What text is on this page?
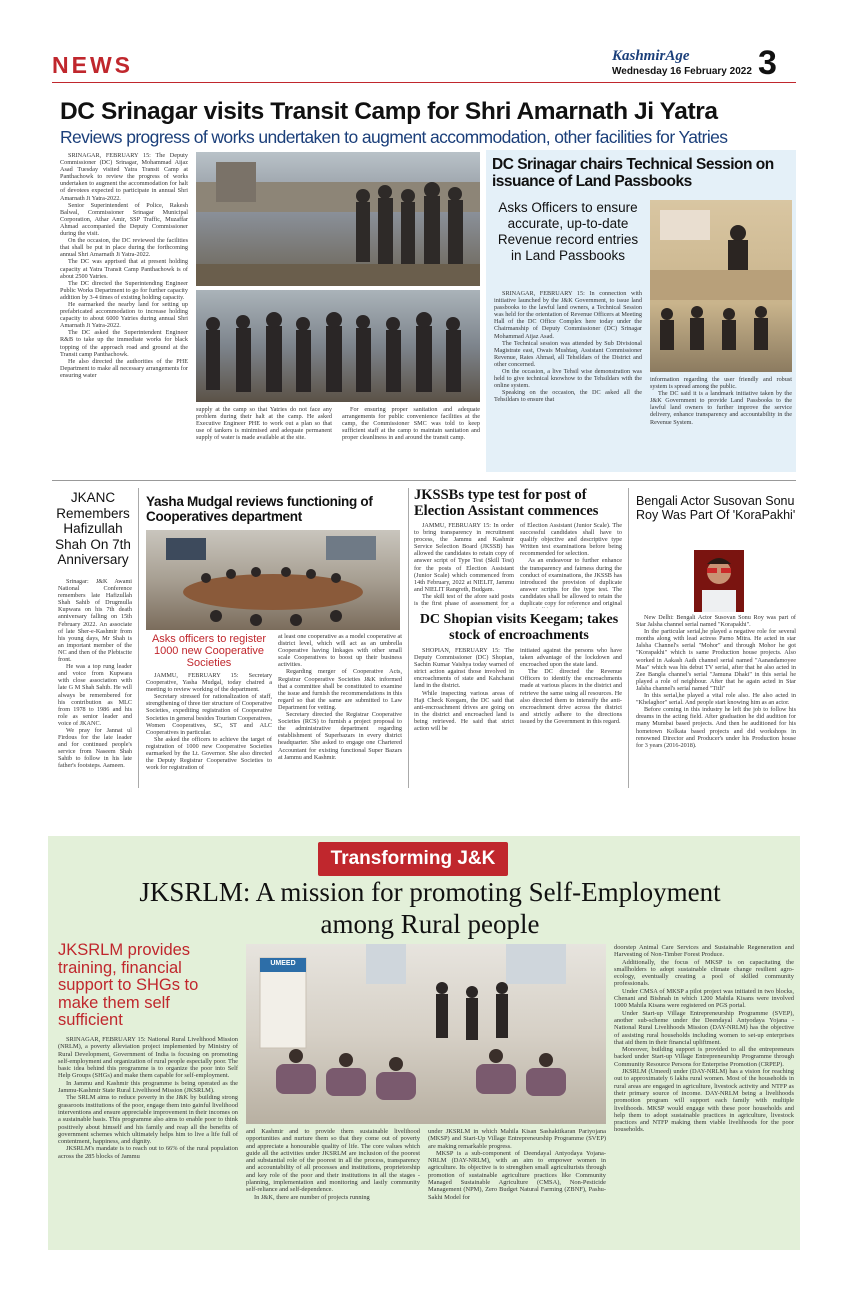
NEWS	KashmirAge
Wednesday 16 February 2022 3
DC Srinagar visits Transit Camp for Shri Amarnath Ji Yatra
Reviews progress of works undertaken to augment accommodation, other facilities for Yatries

SRINAGAR, FEBRUARY 15: The Deputy Commissioner (DC) Srinagar, Mohammad Aijaz Asad Tuesday visited Yatra Transit Camp at Panthachowk to review the progress of works undertaken to augment the accommodation for halt of devotees expected to participate in annual Shri Amarnath Ji Yatra-2022.

Senior Superintendent of Police, Rakesh Balwal, Commissioner Srinagar Municipal Corporation, Athar Amir, SSP Traffic, Muzaffar Ahmad accompanied the Deputy Commissioner during the visit.

On the occasion, the DC reviewed the facilities that shall be put in place during the forthcoming annual Shri Amarnath Ji Yatra-2022.

The DC was apprised that at present holding capacity at Yatra Transit Camp Panthachowk is of about 2500 Yatries.

The DC directed the Superintending Engineer Public Works Department to go for further capacity addition by 3-4 times of existing holding capacity.

He earmarked the nearby land for setting up prefabricated accommodation to increase holding capacity to about 6000 Yatries during annual Shri Amarnath Ji Yatra-2022.

The DC asked the Superintendent Engineer R&B to take up the immediate works for black topping of the approach road and ground at the Transit camp Panthachowk.

He also directed the authorities of the PHE Department to make all necessary arrangements for ensuring water

supply at the camp so that Yatries do not face any problem during their halt at the camp. He asked Executive Engineer PHE to work out a plan so that use of tankers is minimised and adequate permanent supply of water is made available at the site.

For ensuring proper sanitation and adequate arrangements for public convenience facilities at the camp, the Commissioner SMC was told to keep sufficient staff at the camp to maintain sanitation and proper cleanliness in and around the transit camp.

DC Srinagar chairs Technical Session on issuance of Land Passbooks
Asks Officers to ensure accurate, up-to-date Revenue record entries in Land Passbooks

SRINAGAR, FEBRUARY 15: In connection with initiative launched by the J&K Government, to issue land passbooks to the lawful land owners, a Technical Session was held for the orientation of Revenue Officers at Meeting Hall of the DC Office Complex here today under the Chairmanship of Deputy Commissioner (DC) Srinagar Mohammad Aijaz Asad.

The Technical session was attended by Sub Divisional Magistrate east, Owais Mushtaq, Assistant Commissioner Revenue, Raies Ahmad, all Tehsildars of the District and other concerned.

On the occasion, a live Tehsil wise demonstration was held to give technical knowhow to the Tehsildars with the online system.

Speaking on the occasion, the DC asked all the Tehsildars to ensure that

information regarding the user friendly and robust system is spread among the public.

The DC said it is a landmark initiative taken by the J&K Government to provide Land Passbooks to the lawful land owners to further improve the service delivery, enhance transparency and accountability in the Revenue System.

JKANC Remembers Hafizullah Shah On 7th Anniversary

Srinagar: J&K Awami National Conference remembers late Hafizullah Shah Sahib of Drugmulla Kupwara on his 7th death anniversary falling on 15th February 2022. An associate of late Sher-e-Kashmir from his young days, Mr Shah is an important member of the NC and then of the Plebiscite front.

He was a top rung leader and voice from Kupwara with close association with late G M Shah Sahib. He will always be remembered for his contribution as MLC from 1978 to 1986 and his role as senior leader and voice of JKANC.

We pray for Jannat ul Firdous for the late leader and for continued people's service from Naseem Shah Sahib to follow in his late father's footsteps. Aameen.

Yasha Mudgal reviews functioning of Cooperatives department
Asks officers to register 1000 new Cooperative Societies

JAMMU, FEBRUARY 15: Secretary Cooperative, Yasha Mudgal, today chaired a meeting to review working of the department.

Secretary stressed for rationalization of staff, strengthening of three tier structure of Cooperative Societies, expediting registration of Cooperative Societies in general besides Tourism Cooperatives, Women Cooperatives, SC, ST and ALC Cooperatives in particular.

She asked the officers to achieve the target of registration of 1000 new Cooperative Societies earmarked by the Lt. Governor. She also directed the Deputy Registrar Cooperative Societies to work for registration of

at least one cooperative as a model cooperative at district level, which will act as an umbrella Cooperative having linkages with other small scale Cooperatives to boost up their business activities.

Regarding merger of Cooperative Acts, Registrar Cooperative Societies J&K informed that a committee shall be constituted to examine the issue and furnish the recommendations in this regard so that the same are submitted to Law Department for vetting.

Secretary directed the Registrar Cooperative Societies (RCS) to furnish a project proposal to the administrative department regarding establishment of Superbazars in every district headquarter. She asked to engage one Chartered Accountant for existing functional Super Bazars at Jammu and Kashmir.

JKSSBs type test for post of Election Assistant commences

JAMMU, FEBRUARY 15: In order to bring transparency in recruitment process, the Jammu and Kashmir Service Selection Board (JKSSB) has allowed the candidates to retain copy of answer script of Type Test (Skill Test) for the posts of Election Assistant (Junior Scale) which commenced from 14th February, 2022 at NIELIT, Jammu and NIELIT Rangreth, Budgam.

The skill test of the afore said posts is the first phase of assessment for a

of Election Assistant (Junior Scale). The successful candidates shall have to qualify objective and descriptive type Written test examinations before being recommended for selection.

As an endeavour to further enhance the transparency and fairness during the conduct of examinations, the JKSSB has introduced the provision of duplicate answer scripts for the type test. The candidates shall be allowed to retain the duplicate copy for reference and original

DC Shopian visits Keegam; takes stock of encroachments

SHOPIAN, FEBRUARY 15: The Deputy Commissioner (DC) Shopian, Sachin Kumar Vaishya today warned of strict action against those involved in encroachments of state and Kahcharai land in the district.

While inspecting various areas of Haji Check Keegam, the DC said that anti-encroachment drives are going on in the district and encroached land is being retrieved. He said that strict action will be

initiated against the persons who have taken advantage of the lockdown and encroached upon the state land.

The DC directed the Revenue Officers to identify the encroachments made at various places in the district and retrieve the same using all resources. He also directed them to intensify the anti-encroachment drive across the district and strictly adhere to the directions issued by the Government in this regard.

Bengali Actor Susovan Sonu Roy Was Part Of 'KoraPakhi'

New Delhi: Bengali Actor Susovan Sonu Roy was part of Star Jalsha channel serial named "Korapakhi".

In the particular serial,he played a negative role for several months along with lead actress Parno Mitra. He acted in star Jalsha Channel's serial "Mohor" and through Mohor he got "Korapakhi" which is same Production house projects. Also worked in Aakash Aath channel serial named "Aanandamoyee Maa" which was his debut TV serial, after that he also acted in Zee Bangla channel's serial "Jamuna Dhaki" in this serial he played a role of neighbour. After that he again acted in Star Jalsha channel's serial named "Titli"

In this serial,he played a vital role also. He also acted in "Khelaghor" serial. And people start knowing him as an actor.

Before coming in this industry he left the job to follow his dreams in the acting field. After graduation he did audition for many Mumbai based projects. And then he auditioned for his hometown Kolkata based projects and did workshops in renowned Director and Producer's under his Production house for 3 years (2016-2018).

Transforming J&K
JKSRLM: A mission for promoting Self-Employment among Rural people
JKSRLM provides training, financial support to SHGs to make them self sufficient
UMEED

SRINAGAR, FEBRUARY 15: National Rural Livelihood Mission (NRLM), a poverty alleviation project implemented by Ministry of Rural Development, Government of India is focusing on promoting self-employment and organization of rural people especially poor. The basic idea behind this programme is to organize the poor into Self Help Groups (SHGs) and make them capable for self-employment.

In Jammu and Kashmir this programme is being operated as the Jammu-Kashmir State Rural Livelihood Mission (JKSRLM).

The SRLM aims to reduce poverty in the J&K by building strong grassroots institutions of the poor, engage them into gainful livelihood interventions and ensure appreciable improvement in their incomes on a sustainable basis. This programme also aims to enable poor to think positively about himself and his family and reap all the benefits of government schemes which ultimately helps him to live a life full of contentment, happiness, and dignity.

JKSRLM's mandate is to reach out to 66% of the rural population across the 285 blocks of Jammu

and Kashmir and to provide them sustainable livelihood opportunities and nurture them so that they come out of poverty and appreciate a honourable quality of life. The core values which guide all the activities under JKSRLM are inclusion of the poorest and substantial role of the poorest in all the process, transparency and accountability of all processes and institutions, proprietorship and key role of the poor and their institutions in all the stages - planning, implementation and monitoring and lastly community self-reliance and self-dependence.

In J&K, there are number of projects running

under JKSRLM in which Mahila Kisan Sashaktikaran Pariyojana (MKSP) and Start-Up Village Entrepreneurship Programme (SVEP) are making remarkable progress.

MKSP is a sub-component of Deendayal Antyodaya Yojana-NRLM (DAY-NRLM), with an aim to empower women in agriculture. Its objective is to strengthen small agriculturists through promotion of sustainable agriculture practices like Community Managed Sustainable Agriculture (CMSA), Non-Pesticide Management (NPM), Zero Budget Natural Farming (ZBNF), Pashu-Sakhi Model for

doorstep Animal Care Services and Sustainable Regeneration and Harvesting of Non-Timber Forest Produce.

Additionally, the focus of MKSP is on capacitating the smallholders to adopt sustainable climate change resilient agro-ecology, eventually creating a pool of skilled community professionals.

Under CMSA of MKSP a pilot project was initiated in two blocks, Chenani and Bishnah in which 1200 Mahila Kisans were involved 1000 Mahila Kisans were registered on PGS portal.

Under Start-up Village Entrepreneurship Programme (SVEP), another sub-scheme under the Deendayal Antyodaya Yojana - National Rural Livelihoods Mission (DAY-NRLM) has the objective of assisting rural households including women to set-up enterprises that aid them in their financial upliftment.

Moreover, building support is provided to all the entrepreneurs backed under Start-up Village Entrepreneurship Programme through Community Resource Persons for Enterprise Promotion (CRPEP).

JKSRLM (Umeed) under (DAY-NRLM) has a vision for reaching out to approximately 6 lakhs rural women. Most of the households in rural areas are engaged in agriculture, livestock activity and NTFP as their primary source of income. DAY-NRLM being a livelihoods promotion program will support each family with multiple livelihoods. MKSP would engage with these poor households and help them to adopt sustainable practices in agriculture, livestock practices and NTFP making them viable livelihoods for the poor households.
